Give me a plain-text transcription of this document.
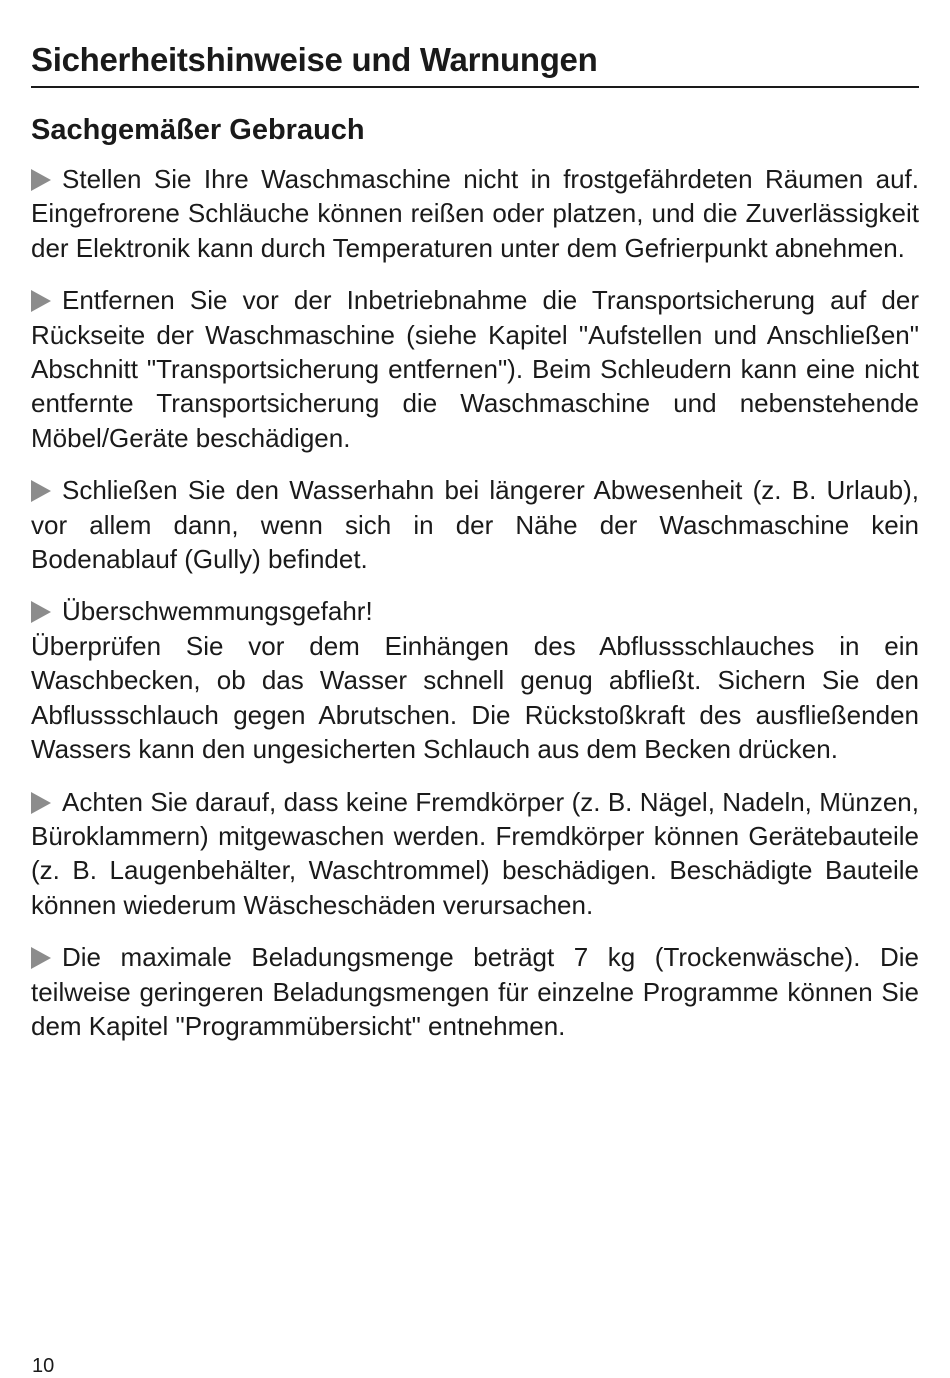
Sicherheitshinweise und Warnungen
Sachgemäßer Gebrauch
Stellen Sie Ihre Waschmaschine nicht in frostgefährdeten Räumen auf. Eingefrorene Schläuche können reißen oder platzen, und die Zuverlässigkeit der Elektronik kann durch Temperaturen unter dem Gefrierpunkt abnehmen.
Entfernen Sie vor der Inbetriebnahme die Transportsicherung auf der Rückseite der Waschmaschine (siehe Kapitel "Aufstellen und Anschließen" Abschnitt "Transportsicherung entfernen"). Beim Schleudern kann eine nicht entfernte Transportsicherung die Waschmaschine und nebenstehende Möbel/Geräte beschädigen.
Schließen Sie den Wasserhahn bei längerer Abwesenheit (z. B. Urlaub), vor allem dann, wenn sich in der Nähe der Waschmaschine kein Bodenablauf (Gully) befindet.
Überschwemmungsgefahr!
Überprüfen Sie vor dem Einhängen des Abflussschlauches in ein Waschbecken, ob das Wasser schnell genug abfließt. Sichern Sie den Abflussschlauch gegen Abrutschen. Die Rückstoßkraft des ausfließenden Wassers kann den ungesicherten Schlauch aus dem Becken drücken.
Achten Sie darauf, dass keine Fremdkörper (z. B. Nägel, Nadeln, Münzen, Büroklammern) mitgewaschen werden. Fremdkörper können Gerätebauteile (z. B. Laugenbehälter, Waschtrommel) beschädigen. Beschädigte Bauteile können wiederum Wäscheschäden verursachen.
Die maximale Beladungsmenge beträgt 7 kg (Trockenwäsche). Die teilweise geringeren Beladungsmengen für einzelne Programme können Sie dem Kapitel "Programmübersicht" entnehmen.
10
